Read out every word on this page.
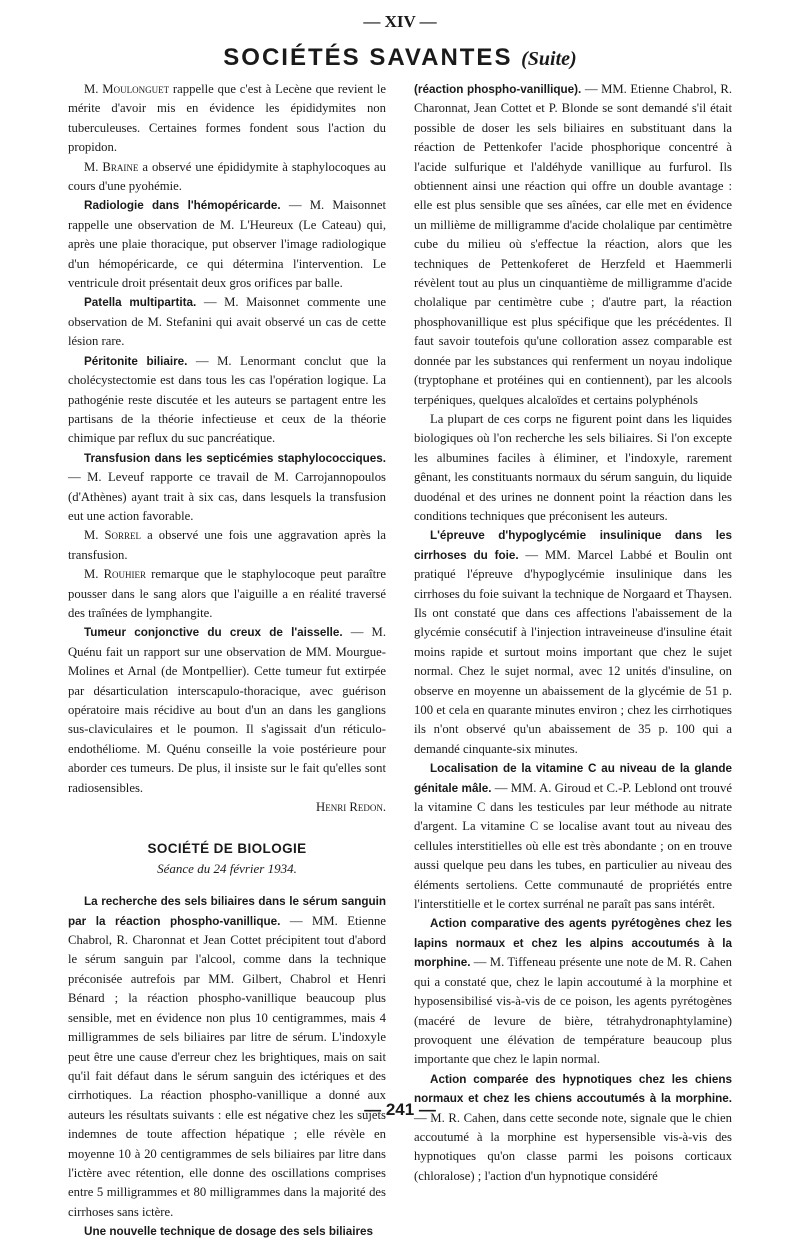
— XIV —
SOCIÉTÉS SAVANTES (Suite)

M. Moulonguet rappelle que c'est à Lecène que revient le mérite d'avoir mis en évidence les épididymites non tuberculeuses. Certaines formes fondent sous l'action du propidon.

M. Braine a observé une épididymite à staphylocoques au cours d'une pyohémie.

Radiologie dans l'hémopéricarde. — M. Maisonnet rappelle une observation de M. L'Heureux (Le Cateau) qui, après une plaie thoracique, put observer l'image radiologique d'un hémopéricarde, ce qui détermina l'intervention. Le ventricule droit présentait deux gros orifices par balle.

Patella multipartita. — M. Maisonnet commente une observation de M. Stefanini qui avait observé un cas de cette lésion rare.

Péritonite biliaire. — M. Lenormant conclut que la cholécystectomie est dans tous les cas l'opération logique. La pathogénie reste discutée et les auteurs se partagent entre les partisans de la théorie infectieuse et ceux de la théorie chimique par reflux du suc pancréatique.

Transfusion dans les septicémies staphylococciques. — M. Leveuf rapporte ce travail de M. Carrojannopoulos (d'Athènes) ayant trait à six cas, dans lesquels la transfusion eut une action favorable.

M. Sorrel a observé une fois une aggravation après la transfusion.

M. Rouhier remarque que le staphylocoque peut paraître pousser dans le sang alors que l'aiguille a en réalité traversé des traînées de lymphangite.

Tumeur conjonctive du creux de l'aisselle. — M. Quénu fait un rapport sur une observation de MM. Mourgue-Molines et Arnal (de Montpellier). Cette tumeur fut extirpée par désarticulation interscapulo-thoracique, avec guérison opératoire mais récidive au bout d'un an dans les ganglions sus-claviculaires et le poumon. Il s'agissait d'un réticulo-endothéliome. M. Quénu conseille la voie postérieure pour aborder ces tumeurs. De plus, il insiste sur le fait qu'elles sont radiosensibles.

Henri Redon.

SOCIÉTÉ DE BIOLOGIE
Séance du 24 février 1934.

La recherche des sels biliaires dans le sérum sanguin par la réaction phospho-vanillique. — MM. Etienne Chabrol, R. Charonnat et Jean Cottet précipitent tout d'abord le sérum sanguin par l'alcool, comme dans la technique préconisée autrefois par MM. Gilbert, Chabrol et Henri Bénard ; la réaction phospho-vanillique beaucoup plus sensible, met en évidence non plus 10 centigrammes, mais 4 milligrammes de sels biliaires par litre de sérum. L'indoxyle peut être une cause d'erreur chez les brightiques, mais on sait qu'il fait défaut dans le sérum sanguin des ictériques et des cirrhotiques. La réaction phospho-vanillique a donné aux auteurs les résultats suivants : elle est négative chez les sujets indemnes de toute affection hépatique ; elle révèle en moyenne 10 à 20 centigrammes de sels biliaires par litre dans l'ictère avec rétention, elle donne des oscillations comprises entre 5 milligrammes et 80 milligrammes dans la majorité des cirrhoses sans ictère.

Une nouvelle technique de dosage des sels biliaires

(réaction phospho-vanillique). — MM. Etienne Chabrol, R. Charonnat, Jean Cottet et P. Blonde se sont demandé s'il était possible de doser les sels biliaires en substituant dans la réaction de Pettenkofer l'acide phosphorique concentré à l'acide sulfurique et l'aldéhyde vanillique au furfurol. Ils obtiennent ainsi une réaction qui offre un double avantage : elle est plus sensible que ses aînées, car elle met en évidence un millième de milligramme d'acide cholalique par centimètre cube du milieu où s'effectue la réaction, alors que les techniques de Pettenkoferet de Herzfeld et Haemmerli révèlent tout au plus un cinquantième de milligramme d'acide cholalique par centimètre cube ; d'autre part, la réaction phosphovanillique est plus spécifique que les précédentes. Il faut savoir toutefois qu'une colloration assez comparable est donnée par les substances qui renferment un noyau indolique (tryptophane et protéines qui en contiennent), par les alcools terpéniques, quelques alcaloïdes et certains polyphénols

La plupart de ces corps ne figurent point dans les liquides biologiques où l'on recherche les sels biliaires. Si l'on excepte les albumines faciles à éliminer, et l'indoxyle, rarement gênant, les constituants normaux du sérum sanguin, du liquide duodénal et des urines ne donnent point la réaction dans les conditions techniques que préconisent les auteurs.

L'épreuve d'hypoglycémie insulinique dans les cirrhoses du foie. — MM. Marcel Labbé et Boulin ont pratiqué l'épreuve d'hypoglycémie insulinique dans les cirrhoses du foie suivant la technique de Norgaard et Thaysen. Ils ont constaté que dans ces affections l'abaissement de la glycémie consécutif à l'injection intraveineuse d'insuline était moins rapide et surtout moins important que chez le sujet normal. Chez le sujet normal, avec 12 unités d'insuline, on observe en moyenne un abaissement de la glycémie de 51 p. 100 et cela en quarante minutes environ ; chez les cirrhotiques ils n'ont observé qu'un abaissement de 35 p. 100 qui a demandé cinquante-six minutes.

Localisation de la vitamine C au niveau de la glande génitale mâle. — MM. A. Giroud et C.-P. Leblond ont trouvé la vitamine C dans les testicules par leur méthode au nitrate d'argent. La vitamine C se localise avant tout au niveau des cellules interstitielles où elle est très abondante ; on en trouve aussi quelque peu dans les tubes, en particulier au niveau des éléments sertoliens. Cette communauté de propriétés entre l'interstitielle et le cortex surrénal ne paraît pas sans intérêt.

Action comparative des agents pyrétogènes chez les lapins normaux et chez les alpins accoutumés à la morphine. — M. Tiffeneau présente une note de M. R. Cahen qui a constaté que, chez le lapin accoutumé à la morphine et hyposensibilisé vis-à-vis de ce poison, les agents pyrétogènes (macéré de levure de bière, tétrahydronaphtylamine) provoquent une élévation de température beaucoup plus importante que chez le lapin normal.

Action comparée des hypnotiques chez les chiens normaux et chez les chiens accoutumés à la morphine. — M. R. Cahen, dans cette seconde note, signale que le chien accoutumé à la morphine est hypersensible vis-à-vis des hypnotiques qu'on classe parmi les poisons corticaux (chloralose) ; l'action d'un hypnotique considéré

— 241 —
